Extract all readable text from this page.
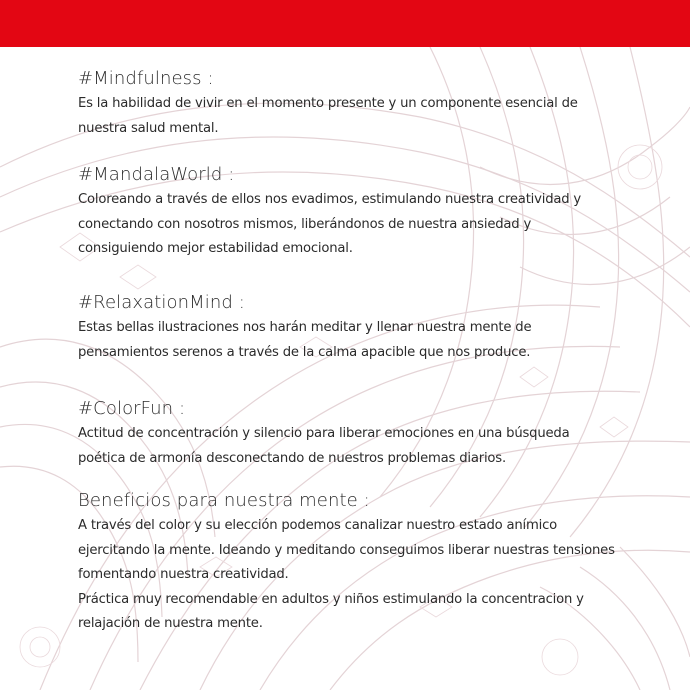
#Mindfulness :

Es la habilidad de vivir en el momento presente y un componente esencial de nuestra salud mental.

#MandalaWorld :

Coloreando a través de ellos nos evadimos, estimulando nuestra creatividad y conectando con nosotros mismos, liberándonos de nuestra ansiedad y consiguiendo mejor estabilidad emocional.

#RelaxationMind :

Estas bellas ilustraciones nos harán meditar y llenar nuestra mente de pensamientos serenos a través de la calma apacible que nos produce.

#ColorFun :

Actitud de concentración y silencio para liberar emociones en una búsqueda poética de armonía desconectando de nuestros problemas diarios.

Beneficios para nuestra mente :

A través del color y su elección podemos canalizar nuestro estado anímico ejercitando la mente. Ideando y meditando conseguimos liberar nuestras tensiones fomentando nuestra creatividad.

Práctica muy recomendable en adultos y niños estimulando la concentracion y relajación de nuestra mente.
